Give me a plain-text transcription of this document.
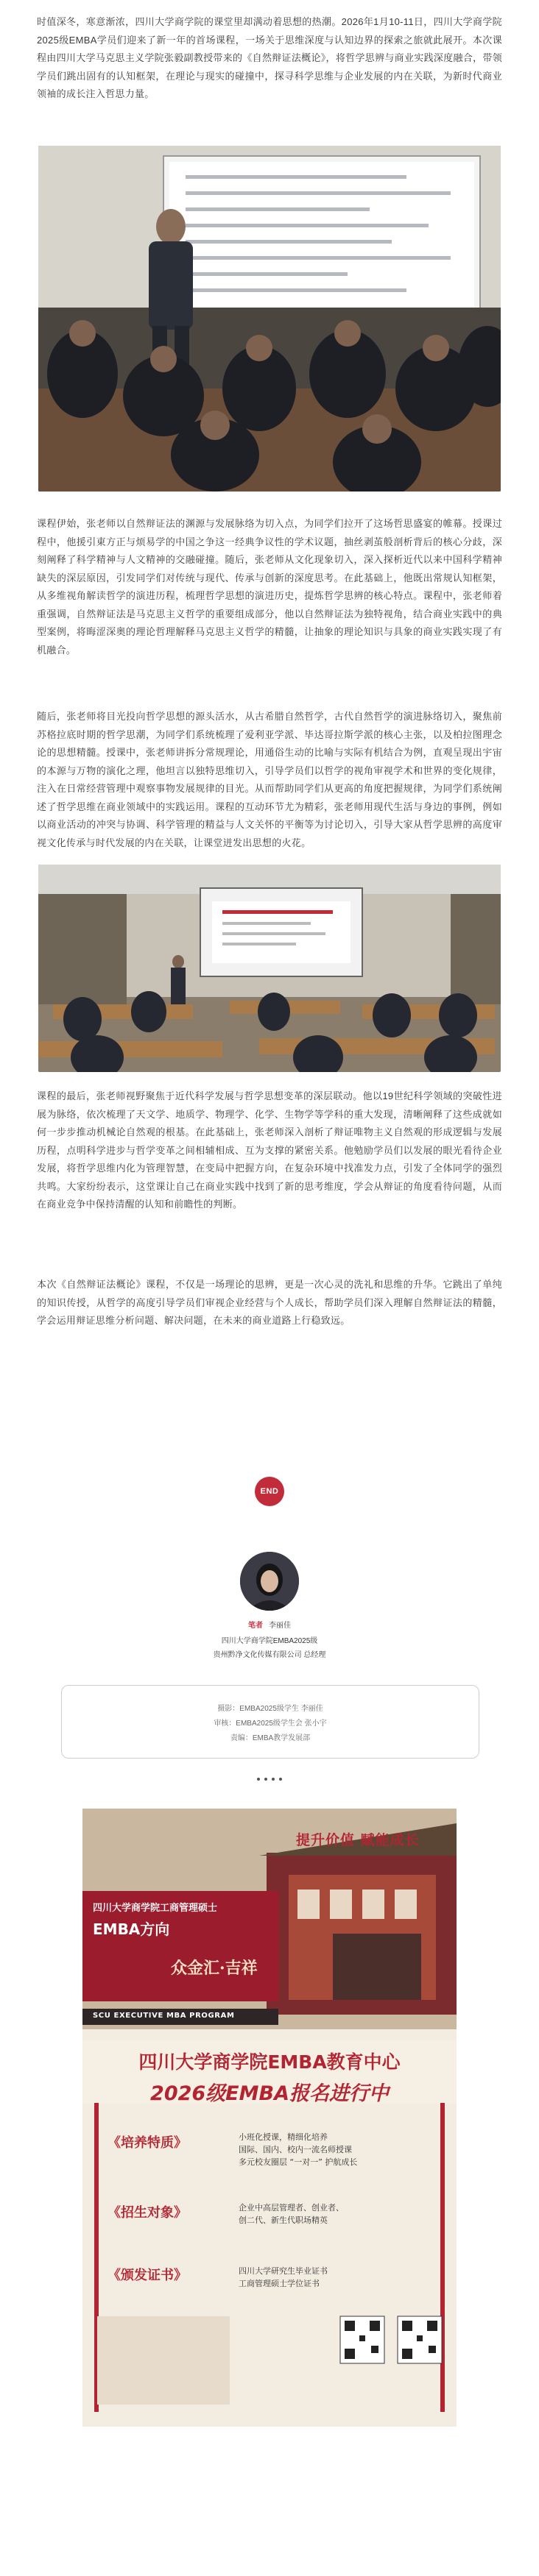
时值深冬，寒意渐浓，四川大学商学院的课堂里却满动着思想的热潮。2026年1月10-11日，四川大学商学院2025级EMBA学员们迎来了新一年的首场课程，一场关于思维深度与认知边界的探索之旅就此展开。本次课程由四川大学马克思主义学院张毅副教授带来的《自然辩证法概论》，将哲学思辨与商业实践深度融合，带领学员们跳出固有的认知框架，在理论与现实的碰撞中，探寻科学思维与企业发展的内在关联，为新时代商业领袖的成长注入哲思力量。

课程伊始，张老师以自然辩证法的渊源与发展脉络为切入点，为同学们拉开了这场哲思盛宴的帷幕。授课过程中，他援引東方正与烦易学的中国之争这一经典争议性的学术议题，抽丝剥茧般剖析背后的核心分歧，深刻阐释了科学精神与人文精神的交融碰撞。随后，张老师从文化现象切入，深入探析近代以来中国科学精神缺失的深层原因，引发同学们对传统与现代、传承与创新的深度思考。在此基础上，他既出常规认知框架，从多维视角解读哲学的演进历程，梳理哲学思想的演进历史，提炼哲学思辨的核心特点。课程中，张老师着重强调，自然辩证法是马克思主义哲学的重要组成部分，他以自然辩证法为独特视角，结合商业实践中的典型案例，将晦涩深奥的理论哲理解释马克思主义哲学的精髓，让抽象的理论知识与具象的商业实践实现了有机融合。

随后，张老师将目光投向哲学思想的源头活水，从古希腊自然哲学，古代自然哲学的演进脉络切入，聚焦前苏格拉底时期的哲学思潮，为同学们系统梳理了爱利亚学派、毕达哥拉斯学派的核心主张，以及柏拉图理念论的思想精髓。授课中，张老师讲拆分常规理论，用通俗生动的比喻与实际有机结合为例，直观呈现出宇宙的本源与万物的演化之理，他坦言以独特思维切入，引导学员们以哲学的视角审视学术和世界的变化规律，注入在日常经营管理中观察事物发展规律的目光。从而帮助同学们从更高的角度把握规律，为同学们系统阐述了哲学思维在商业领域中的实践运用。课程的互动环节尤为精彩，张老师用现代生活与身边的事例，例如以商业活动的冲突与协调、科学管理的精益与人文关怀的平衡等为讨论切入，引导大家从哲学思辨的高度审视文化传承与时代发展的内在关联，让课堂迸发出思想的火花。

课程的最后，张老师视野聚焦于近代科学发展与哲学思想变革的深层联动。他以19世纪科学领域的突破性进展为脉络，依次梳理了天文学、地质学、物理学、化学、生物学等学科的重大发现，清晰阐释了这些成就如何一步步推动机械论自然观的根基。在此基础上，张老师深入剖析了辩证唯物主义自然观的形成逻辑与发展历程，点明科学进步与哲学变革之间相辅相成、互为支撑的紧密关系。他勉励学员们以发展的眼光看待企业发展，将哲学思维内化为管理智慧，在变局中把握方向，在复杂环境中找准发力点，引发了全体同学的强烈共鸣。大家纷纷表示，这堂课让自己在商业实践中找到了新的思考维度，学会从辩证的角度看待问题，从而在商业竞争中保持清醒的认知和前瞻性的判断。

本次《自然辩证法概论》课程，不仅是一场理论的思辨，更是一次心灵的洗礼和思维的升华。它跳出了单纯的知识传授，从哲学的高度引导学员们审视企业经营与个人成长，帮助学员们深入理解自然辩证法的精髓，学会运用辩证思维分析问题、解决问题，在未来的商业道路上行稳致远。

END
笔者 李丽佳
四川大学商学院EMBA2025级
贵州黔净文化传媒有限公司 总经理
摄影：EMBA2025级学生 李丽佳
审核：EMBA2025级学生会 张小宇
责编：EMBA教学发展部
提升价值 赋能成长
四川大学商学院工商管理硕士
EMBA方向
众金汇·吉祥
SCU EXECUTIVE MBA PROGRAM
四川大学商学院EMBA教育中心
2026级EMBA报名进行中
《培养特质》	小班化授课，精细化培养
国际、国内、校内一流名师授课
多元校友圈层 “一对一” 护航成长
《招生对象》	企业中高层管理者、创业者、
创二代、新生代职场精英
《颁发证书》	四川大学研究生毕业证书
工商管理硕士学位证书
